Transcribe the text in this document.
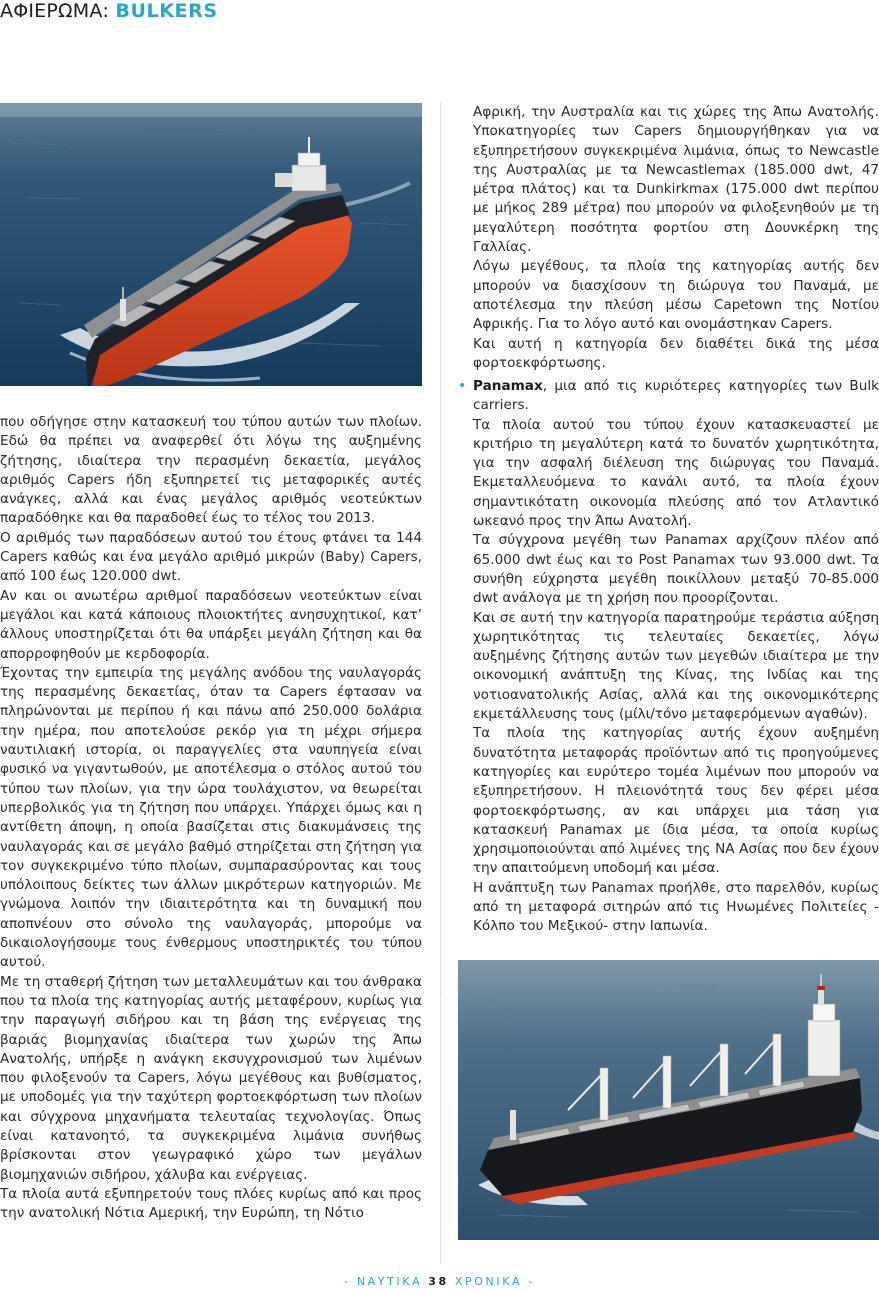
ΑΦΙΕΡΩΜΑ: BULKERS

που οδήγησε στην κατασκευή του τύπου αυτών των πλοίων. Εδώ θα πρέπει να αναφερθεί ότι λόγω της αυξημένης ζήτησης, ιδιαίτερα την περασμένη δεκαετία, μεγάλος αριθμός Capers ήδη εξυπηρετεί τις μεταφορικές αυτές ανάγκες, αλλά και ένας μεγάλος αριθμός νεοτεύκτων παραδόθηκε και θα παραδοθεί έως το τέλος του 2013.

Ο αριθμός των παραδόσεων αυτού του έτους φτάνει τα 144 Capers καθώς και ένα μεγάλο αριθμό μικρών (Baby) Capers, από 100 έως 120.000 dwt.

Αν και οι ανωτέρω αριθμοί παραδόσεων νεοτεύκτων είναι μεγάλοι και κατά κάποιους πλοιοκτήτες ανησυχητικοί, κατ’ άλλους υποστηρίζεται ότι θα υπάρξει μεγάλη ζήτηση και θα απορροφηθούν με κερδοφορία.

Έχοντας την εμπειρία της μεγάλης ανόδου της ναυλαγοράς της περασμένης δεκαετίας, όταν τα Capers έφτασαν να πληρώνονται με περίπου ή και πάνω από 250.000 δολάρια την ημέρα, που αποτελούσε ρεκόρ για τη μέχρι σήμερα ναυτιλιακή ιστορία, οι παραγγελίες στα ναυπηγεία είναι φυσικό να γιγαντωθούν, με αποτέλεσμα ο στόλος αυτού του τύπου των πλοίων, για την ώρα τουλάχιστον, να θεωρείται υπερβολικός για τη ζήτηση που υπάρχει. Υπάρχει όμως και η αντίθετη άποψη, η οποία βασίζεται στις διακυμάνσεις της ναυλαγοράς και σε μεγάλο βαθμό στηρίζεται στη ζήτηση για τον συγκεκριμένο τύπο πλοίων, συμπαρασύροντας και τους υπόλοιπους δείκτες των άλλων μικρότερων κατηγοριών. Με γνώμονα λοιπόν την ιδιαιτερότητα και τη δυναμική που αποπνέουν στο σύνολο της ναυλαγοράς, μπορούμε να δικαιολογήσουμε τους ένθερμους υποστηρικτές του τύπου αυτού.

Με τη σταθερή ζήτηση των μεταλλευμάτων και του άνθρακα που τα πλοία της κατηγορίας αυτής μεταφέρουν, κυρίως για την παραγωγή σιδήρου και τη βάση της ενέργειας της βαριάς βιομηχανίας ιδιαίτερα των χωρών της Άπω Ανατολής, υπήρξε η ανάγκη εκσυγχρονισμού των λιμένων που φιλοξενούν τα Capers, λόγω μεγέθους και βυθίσματος, με υποδομές για την ταχύτερη φορτοεκφόρτωση των πλοίων και σύγχρονα μηχανήματα τελευταίας τεχνολογίας. Όπως είναι κατανοητό, τα συγκεκριμένα λιμάνια συνήθως βρίσκονται στον γεωγραφικό χώρο των μεγάλων βιομηχανιών σιδήρου, χάλυβα και ενέργειας.

Τα πλοία αυτά εξυπηρετούν τους πλόες κυρίως από και προς την ανατολική Νότια Αμερική, την Ευρώπη, τη Νότιο

Αφρική, την Αυστραλία και τις χώρες της Άπω Ανατολής. Υποκατηγορίες των Capers δημιουργήθηκαν για να εξυπηρετήσουν συγκεκριμένα λιμάνια, όπως το Newcastle της Αυστραλίας με τα Newcastlemax (185.000 dwt, 47 μέτρα πλάτος) και τα Dunkirkmax (175.000 dwt περίπου με μήκος 289 μέτρα) που μπορούν να φιλοξενηθούν με τη μεγαλύτερη ποσότητα φορτίου στη Δουνκέρκη της Γαλλίας.

Λόγω μεγέθους, τα πλοία της κατηγορίας αυτής δεν μπορούν να διασχίσουν τη διώρυγα του Παναμά, με αποτέλεσμα την πλεύση μέσω Capetown της Νοτίου Αφρικής. Για το λόγο αυτό και ονομάστηκαν Capers.

Και αυτή η κατηγορία δεν διαθέτει δικά της μέσα φορτοεκφόρτωσης.

• Panamax, μια από τις κυριότερες κατηγορίες των Bulk carriers.

Τα πλοία αυτού του τύπου έχουν κατασκευαστεί με κριτήριο τη μεγαλύτερη κατά το δυνατόν χωρητικότητα, για την ασφαλή διέλευση της διώρυγας του Παναμά. Εκμεταλλευόμενα το κανάλι αυτό, τα πλοία έχουν σημαντικότατη οικονομία πλεύσης από τον Ατλαντικό ωκεανό προς την Άπω Ανατολή.

Τα σύγχρονα μεγέθη των Panamax αρχίζουν πλέον από 65.000 dwt έως και το Post Panamax των 93.000 dwt. Τα συνήθη εύχρηστα μεγέθη ποικίλλουν μεταξύ 70-85.000 dwt ανάλογα με τη χρήση που προορίζονται.

Και σε αυτή την κατηγορία παρατηρούμε τεράστια αύξηση χωρητικότητας τις τελευταίες δεκαετίες, λόγω αυξημένης ζήτησης αυτών των μεγεθών ιδιαίτερα με την οικονομική ανάπτυξη της Κίνας, της Ινδίας και της νοτιοανατολικής Ασίας, αλλά και της οικονομικότερης εκμετάλλευσης τους (μίλι/τόνο μεταφερόμενων αγαθών).

Τα πλοία της κατηγορίας αυτής έχουν αυξημένη δυνατότητα μεταφοράς προϊόντων από τις προηγούμενες κατηγορίες και ευρύτερο τομέα λιμένων που μπορούν να εξυπηρετήσουν. Η πλειονότητά τους δεν φέρει μέσα φορτοεκφόρτωσης, αν και υπάρχει μια τάση για κατασκευή Panamax με ίδια μέσα, τα οποία κυρίως χρησιμοποιούνται από λιμένες της ΝΑ Ασίας που δεν έχουν την απαιτούμενη υποδομή και μέσα.

Η ανάπτυξη των Panamax προήλθε, στο παρελθόν, κυρίως από τη μεταφορά σιτηρών από τις Ηνωμένες Πολιτείες - Κόλπο του Μεξικού- στην Ιαπωνία.

- ΝΑΥΤΙΚΑ 38 ΧΡΟΝΙΚΑ -
